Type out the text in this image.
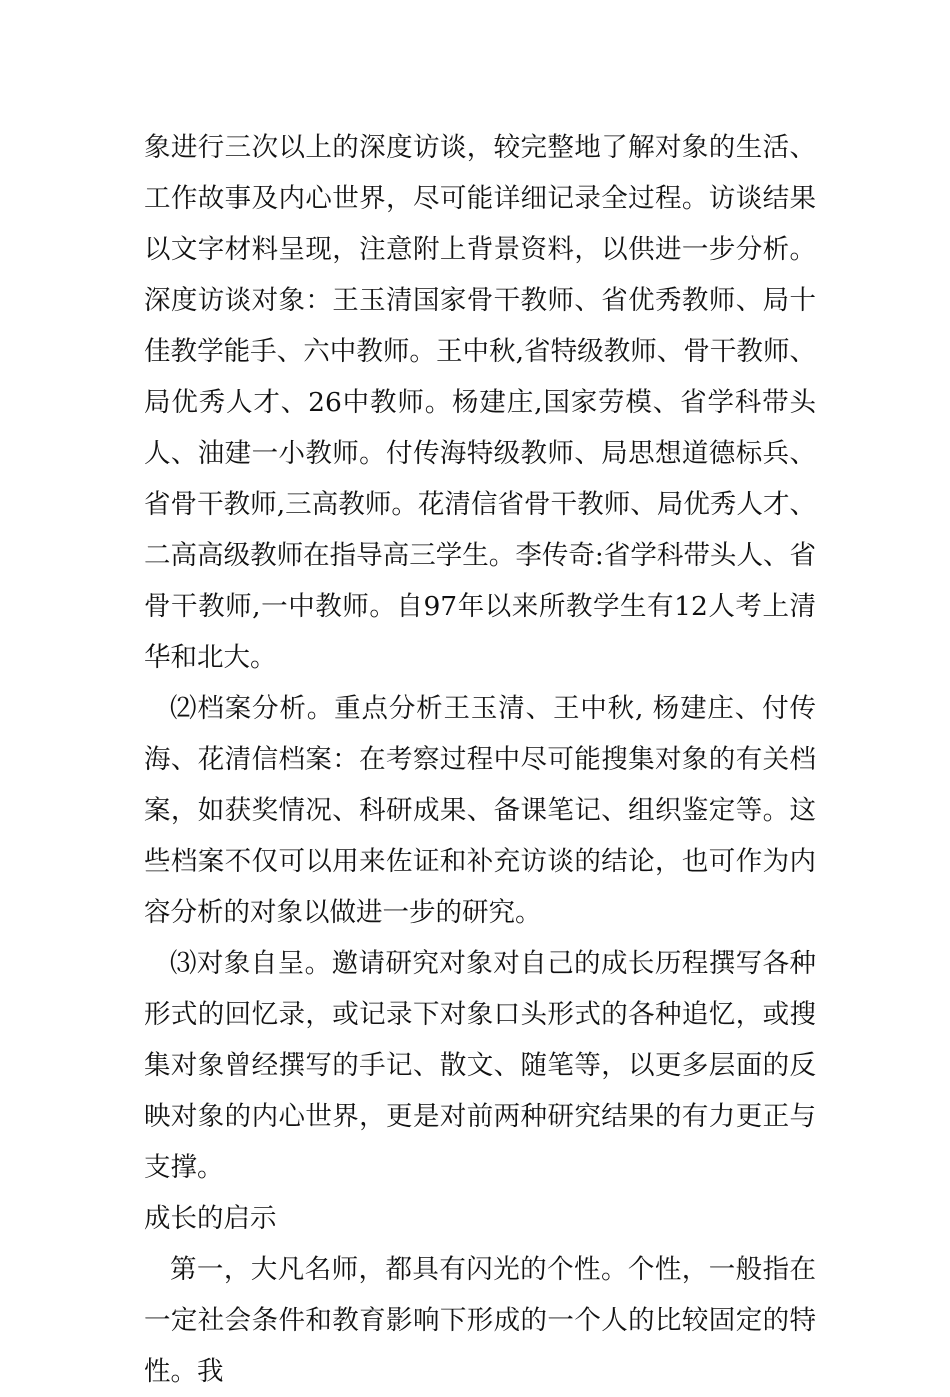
象进行三次以上的深度访谈，较完整地了解对象的生活、工作故事及内心世界，尽可能详细记录全过程。访谈结果以文字材料呈现，注意附上背景资料，以供进一步分析。深度访谈对象：王玉清国家骨干教师、省优秀教师、局十佳教学能手、六中教师。王中秋,省特级教师、骨干教师、局优秀人才、26中教师。杨建庄,国家劳模、省学科带头人、油建一小教师。付传海特级教师、局思想道德标兵、省骨干教师,三高教师。花清信省骨干教师、局优秀人才、二高高级教师在指导高三学生。李传奇:省学科带头人、省骨干教师,一中教师。自97年以来所教学生有12人考上清华和北大。

⑵档案分析。重点分析王玉清、王中秋, 杨建庄、付传海、花清信档案：在考察过程中尽可能搜集对象的有关档案，如获奖情况、科研成果、备课笔记、组织鉴定等。这些档案不仅可以用来佐证和补充访谈的结论，也可作为内容分析的对象以做进一步的研究。

⑶对象自呈。邀请研究对象对自己的成长历程撰写各种形式的回忆录，或记录下对象口头形式的各种追忆，或搜集对象曾经撰写的手记、散文、随笔等，以更多层面的反映对象的内心世界，更是对前两种研究结果的有力更正与支撑。

成长的启示

第一，大凡名师，都具有闪光的个性。个性，一般指在一定社会条件和教育影响下形成的一个人的比较固定的特性。我
